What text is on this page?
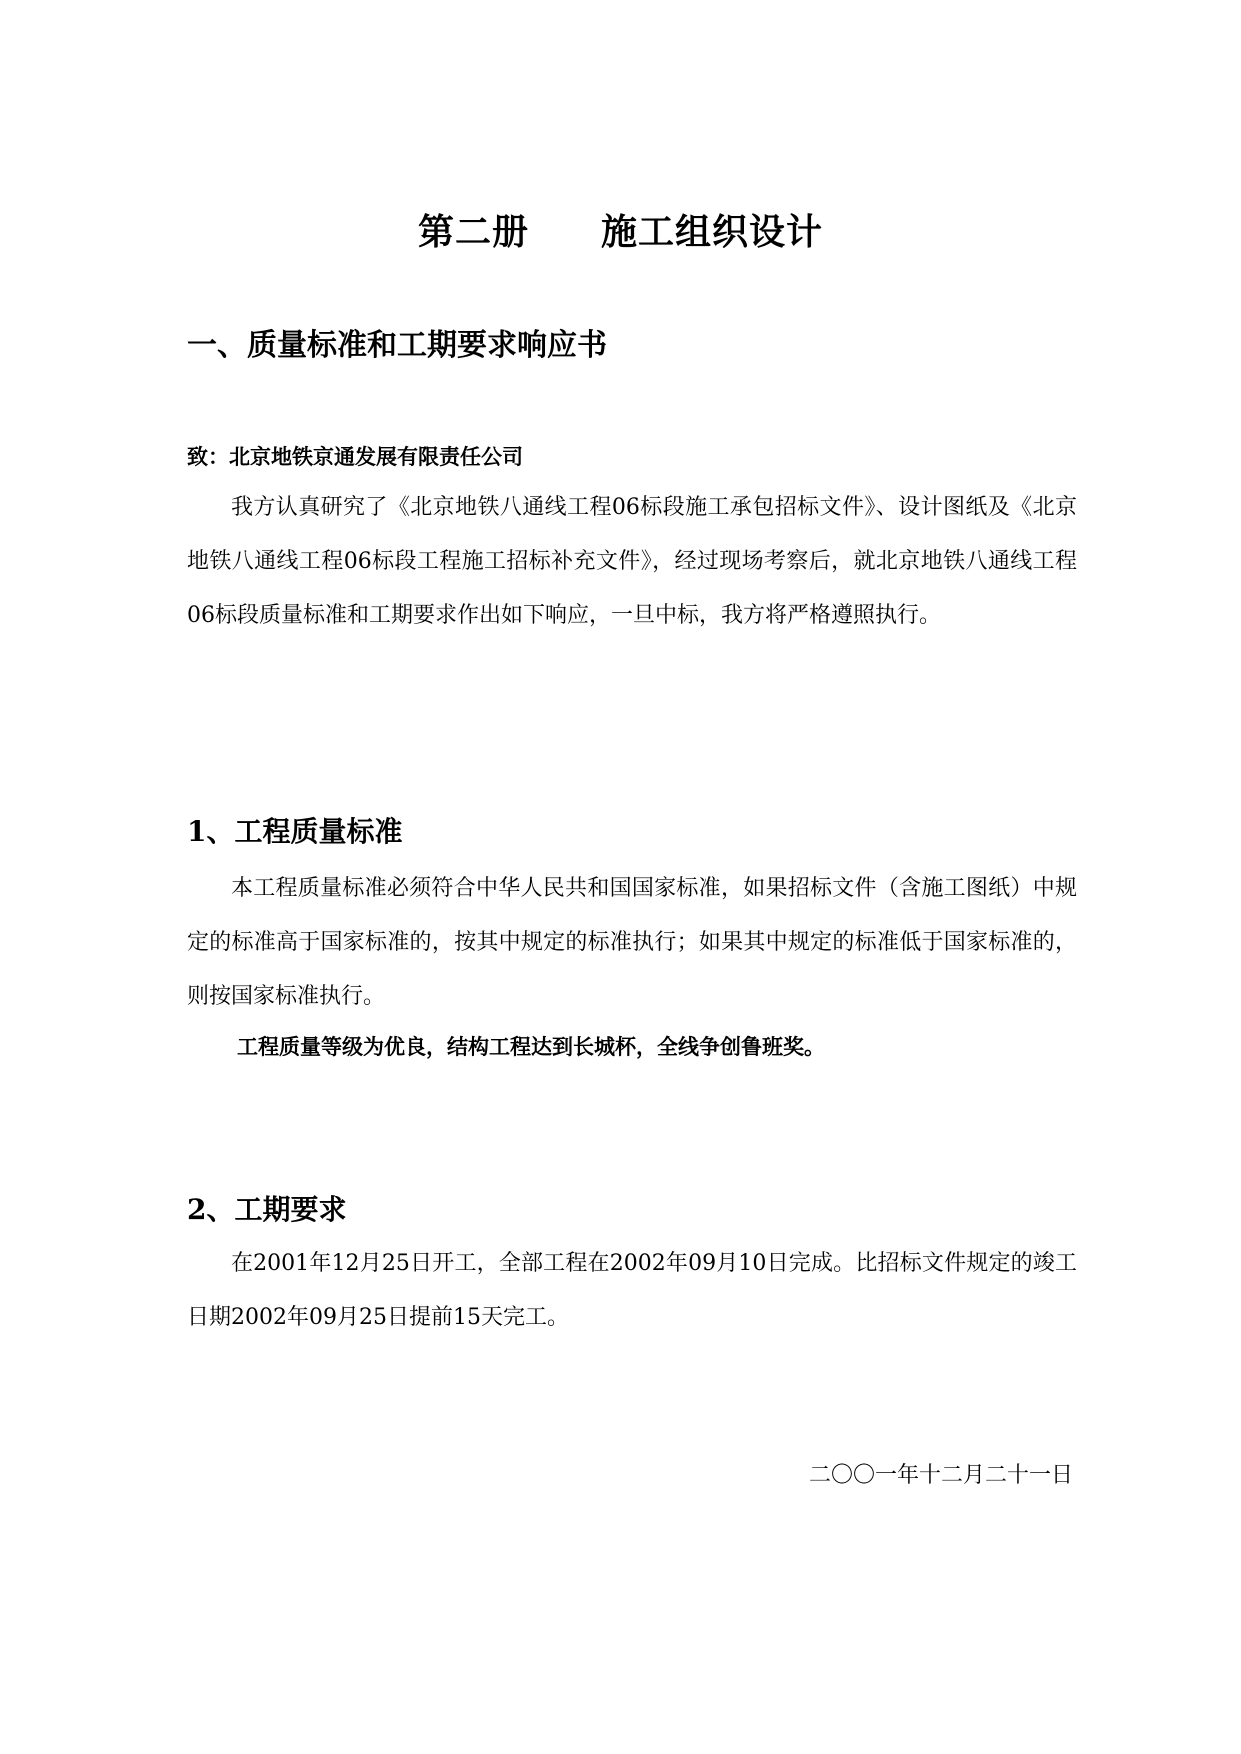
第二册 施工组织设计
一、质量标准和工期要求响应书
致：北京地铁京通发展有限责任公司
我方认真研究了《北京地铁八通线工程06标段施工承包招标文件》、设计图纸及《北京地铁八通线工程06标段工程施工招标补充文件》，经过现场考察后，就北京地铁八通线工程06标段质量标准和工期要求作出如下响应，一旦中标，我方将严格遵照执行。
1、工程质量标准
本工程质量标准必须符合中华人民共和国国家标准，如果招标文件（含施工图纸）中规定的标准高于国家标准的，按其中规定的标准执行；如果其中规定的标准低于国家标准的，则按国家标准执行。
工程质量等级为优良，结构工程达到长城杯，全线争创鲁班奖。
2、工期要求
在2001年12月25日开工，全部工程在2002年09月10日完成。比招标文件规定的竣工日期2002年09月25日提前15天完工。
二〇〇一年十二月二十一日
